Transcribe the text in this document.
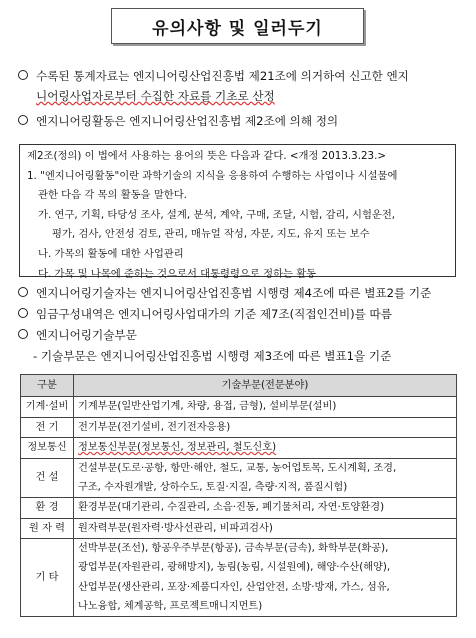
유의사항 및 일러두기
수록된 통계자료는 엔지니어링산업진흥법 제21조에 의거하여 신고한 엔지
니어링사업자로부터 수집한 자료를 기초로 산정
엔지니어링활동은 엔지니어링산업진흥법 제2조에 의해 정의
제2조(정의) 이 법에서 사용하는 용어의 뜻은 다음과 같다. <개정 2013.3.23.>
1. "엔지니어링활동"이란 과학기술의 지식을 응용하여 수행하는 사업이나 시설물에
관한 다음 각 목의 활동을 말한다.
가. 연구, 기획, 타당성 조사, 설계, 분석, 계약, 구매, 조달, 시험, 감리, 시험운전,
평가, 검사, 안전성 검토, 관리, 매뉴얼 작성, 자문, 지도, 유지 또는 보수
나. 가목의 활동에 대한 사업관리
다. 가목 및 나목에 준하는 것으로서 대통령령으로 정하는 활동
엔지니어링기술자는 엔지니어링산업진흥법 시행령 제4조에 따른 별표2를 기준
임금구성내역은 엔지니어링사업대가의 기준 제7조(직접인건비)를 따름
엔지니어링기술부문
- 기술부문은 엔지니어링산업진흥법 시행령 제3조에 따른 별표1을 기준
구분	기술부문(전문분야)
기계·설비	기계부문(일반산업기계, 차량, 용접, 금형), 설비부문(설비)
전 기	전기부문(전기설비, 전기전자응용)
정보통신	정보통신부문(정보통신, 정보관리, 철도신호)
건 설	건설부문(도로·공항, 항만·해안, 철도, 교통, 농어업토목, 도시계획, 조경,
구조, 수자원개발, 상하수도, 토질·지질, 측량·지적, 품질시험)

환 경	환경부문(대기관리, 수질관리, 소음·진동, 폐기물처리, 자연·토양환경)
원 자 력	원자력부문(원자력·방사선관리, 비파괴검사)
기 타	선박부문(조선), 항공우주부문(항공), 금속부문(금속), 화학부문(화공),
광업부문(자원관리, 광해방지), 농림(농림, 시설원예), 해양·수산(해양),
산업부문(생산관리, 포장·제품디자인, 산업안전, 소방·방재, 가스, 섬유,
나노융합, 체계공학, 프로젝트매니지먼트)
